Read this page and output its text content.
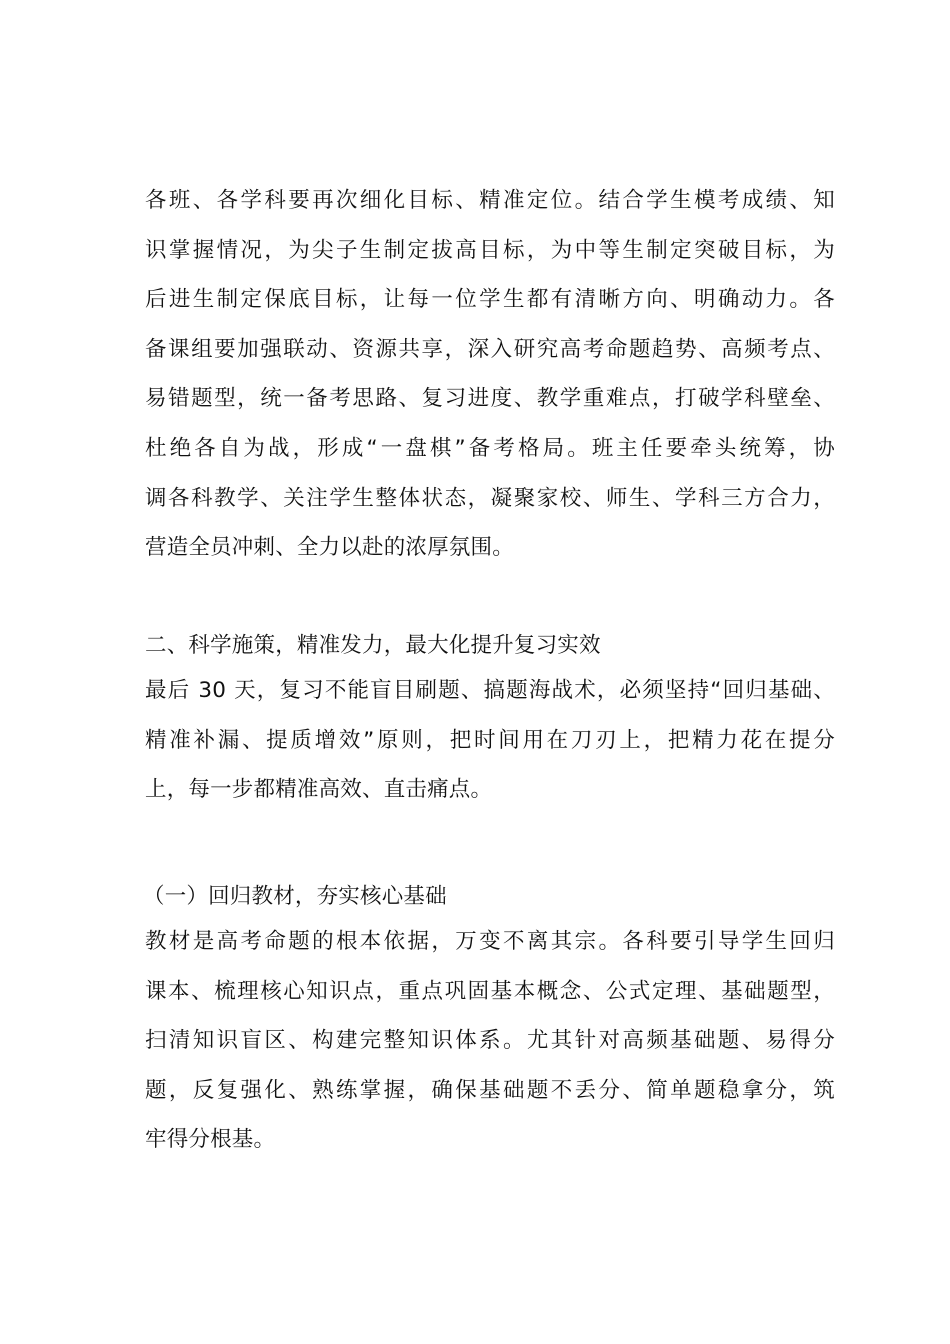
各班、各学科要再次细化目标、精准定位。结合学生模考成绩、知
识掌握情况，为尖子生制定拔高目标，为中等生制定突破目标，为
后进生制定保底目标，让每一位学生都有清晰方向、明确动力。各
备课组要加强联动、资源共享，深入研究高考命题趋势、高频考点、
易错题型，统一备考思路、复习进度、教学重难点，打破学科壁垒、
杜绝各自为战，形成“一盘棋”备考格局。班主任要牵头统筹，协
调各科教学、关注学生整体状态，凝聚家校、师生、学科三方合力，
营造全员冲刺、全力以赴的浓厚氛围。
二、科学施策，精准发力，最大化提升复习实效
最后 30 天，复习不能盲目刷题、搞题海战术，必须坚持“回归基础、
精准补漏、提质增效”原则，把时间用在刀刃上，把精力花在提分
上，每一步都精准高效、直击痛点。
（一）回归教材，夯实核心基础
教材是高考命题的根本依据，万变不离其宗。各科要引导学生回归
课本、梳理核心知识点，重点巩固基本概念、公式定理、基础题型，
扫清知识盲区、构建完整知识体系。尤其针对高频基础题、易得分
题，反复强化、熟练掌握，确保基础题不丢分、简单题稳拿分，筑
牢得分根基。
